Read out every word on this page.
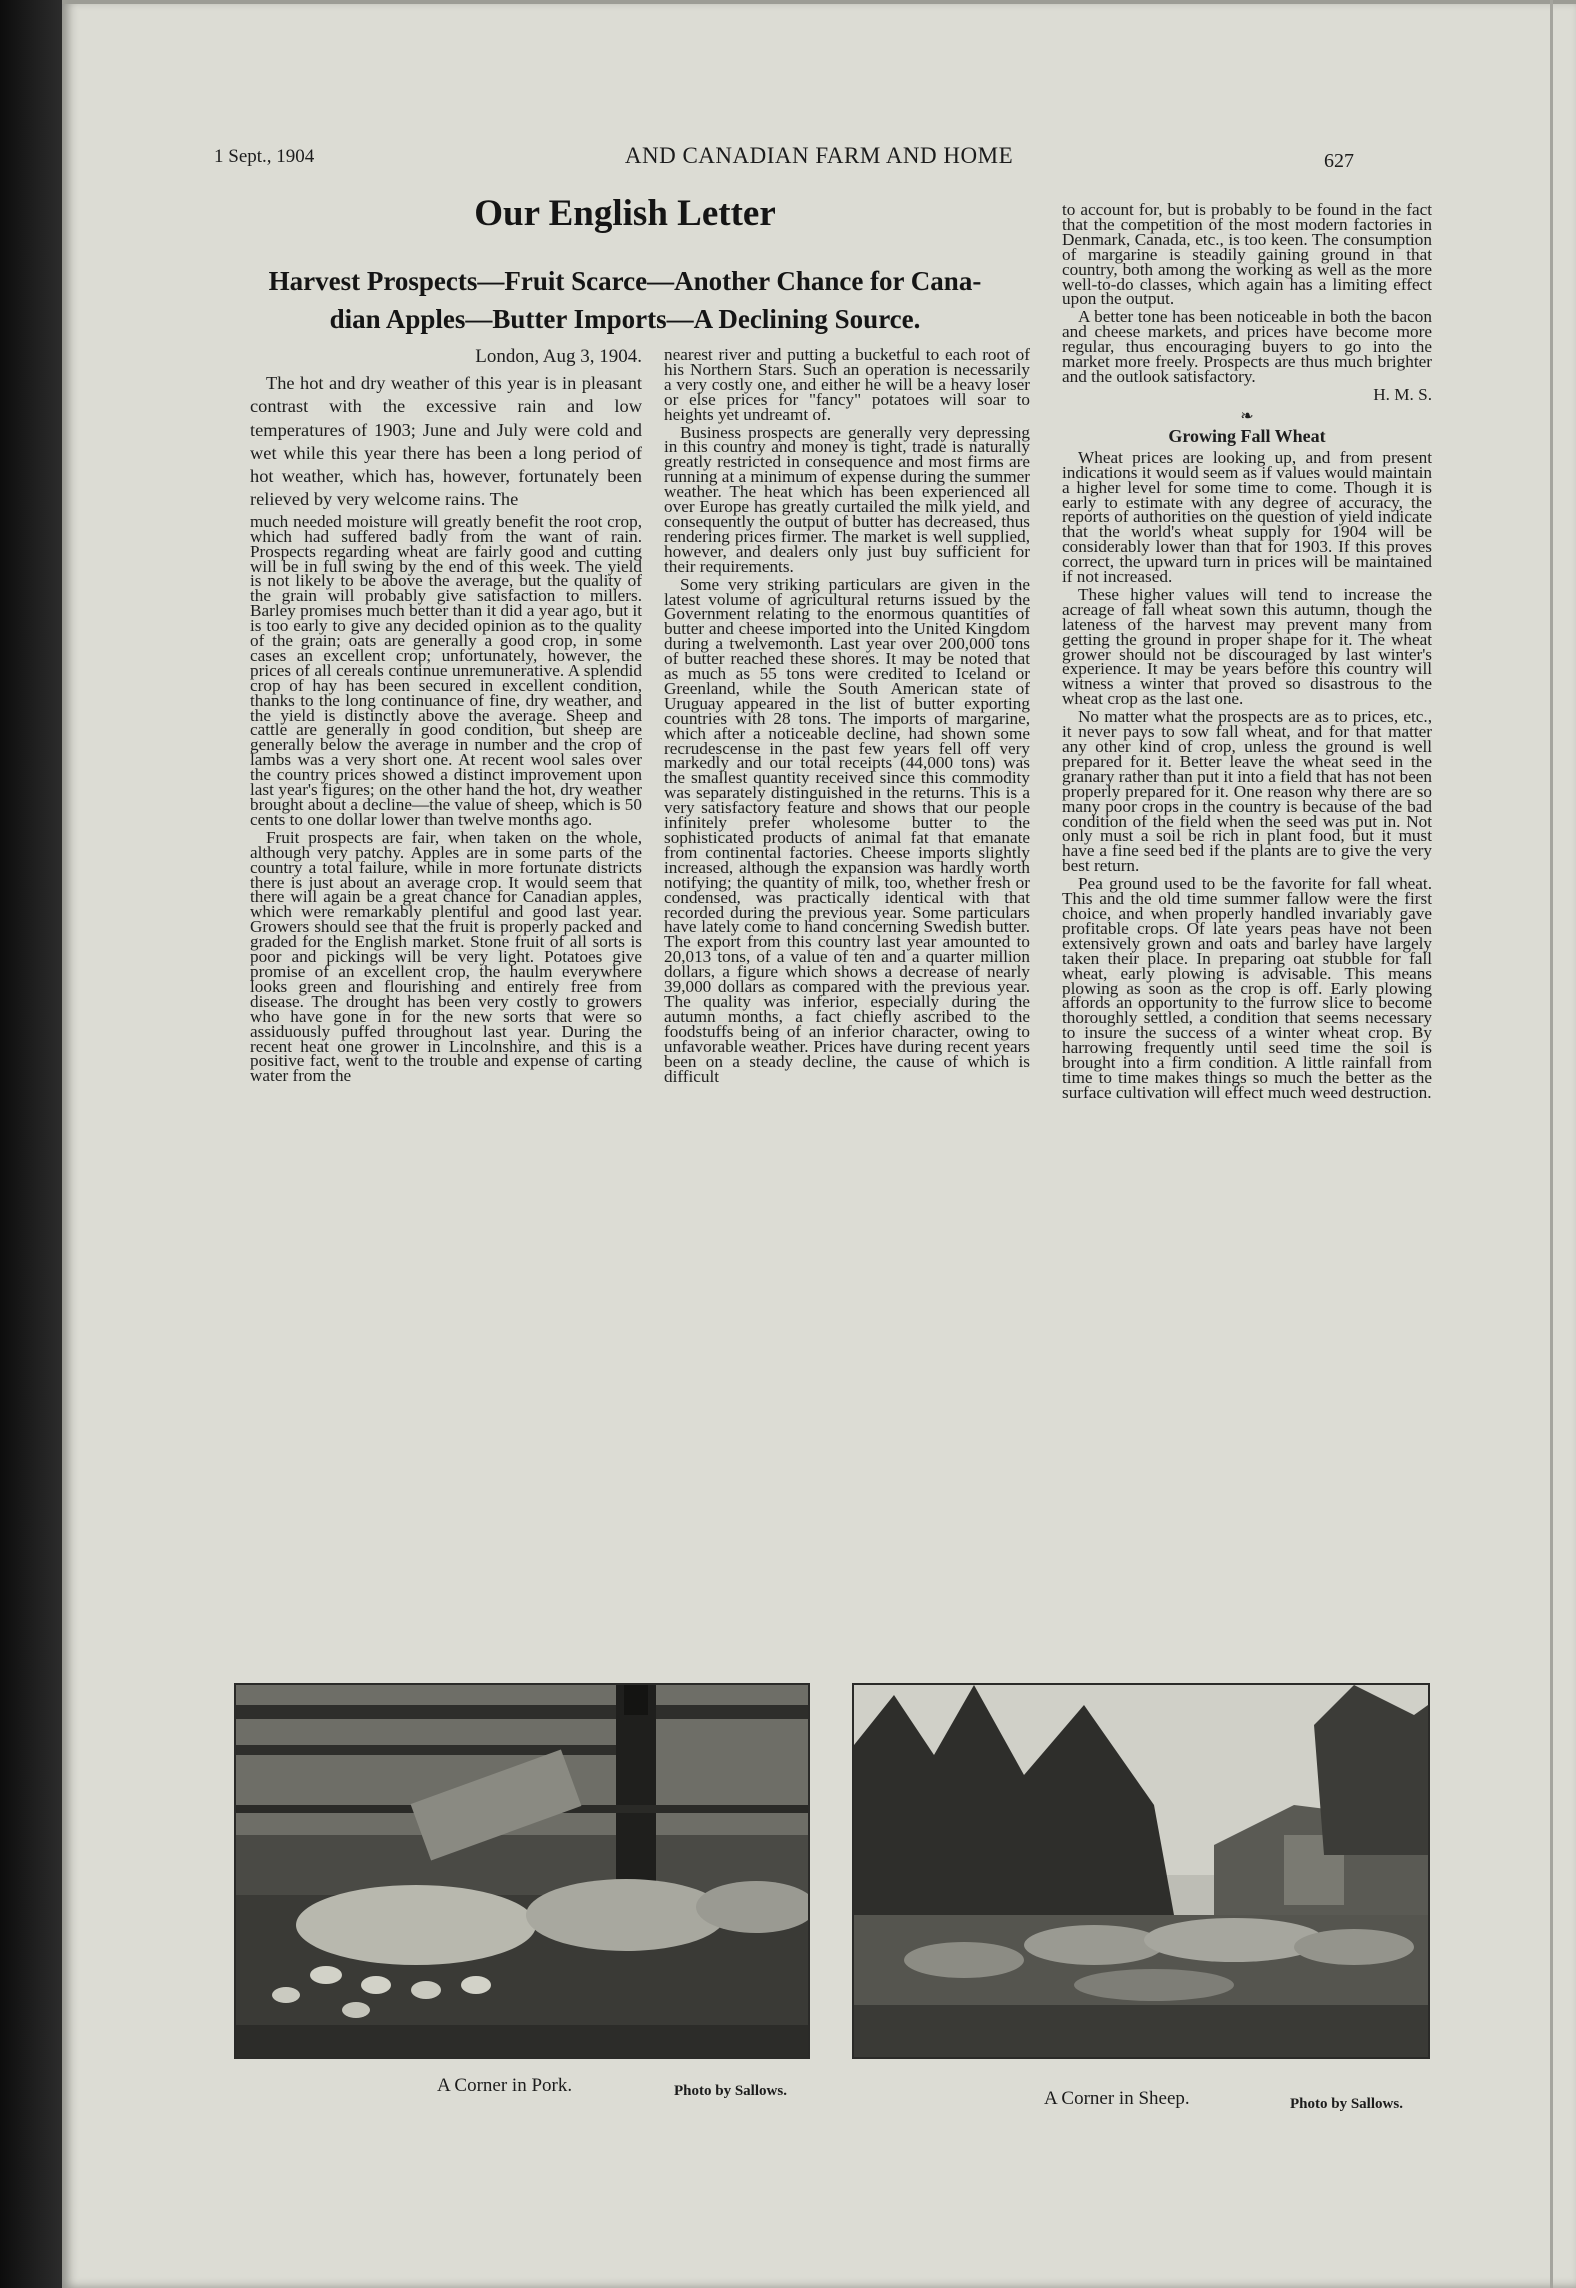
1 Sept., 1904	AND CANADIAN FARM AND HOME	627
Our English Letter
Harvest Prospects—Fruit Scarce—Another Chance for Cana-
dian Apples—Butter Imports—A Declining Source.
London, Aug 3, 1904.

The hot and dry weather of this year is in pleasant contrast with the excessive rain and low temperatures of 1903; June and July were cold and wet while this year there has been a long period of hot weather, which has, however, fortunately been relieved by very welcome rains. The

much needed moisture will greatly benefit the root crop, which had suffered badly from the want of rain. Prospects regarding wheat are fairly good and cutting will be in full swing by the end of this week. The yield is not likely to be above the average, but the quality of the grain will probably give satisfaction to millers. Barley promises much better than it did a year ago, but it is too early to give any decided opinion as to the quality of the grain; oats are generally a good crop, in some cases an excellent crop; unfortunately, however, the prices of all cereals continue unremunerative. A splendid crop of hay has been secured in excellent condition, thanks to the long continuance of fine, dry weather, and the yield is distinctly above the average. Sheep and cattle are generally in good condition, but sheep are generally below the average in number and the crop of lambs was a very short one. At recent wool sales over the country prices showed a distinct improvement upon last year's figures; on the other hand the hot, dry weather brought about a decline—the value of sheep, which is 50 cents to one dollar lower than twelve months ago.

Fruit prospects are fair, when taken on the whole, although very patchy. Apples are in some parts of the country a total failure, while in more fortunate districts there is just about an average crop. It would seem that there will again be a great chance for Canadian apples, which were remarkably plentiful and good last year. Growers should see that the fruit is properly packed and graded for the English market. Stone fruit of all sorts is poor and pickings will be very light. Potatoes give promise of an excellent crop, the haulm everywhere looks green and flourishing and entirely free from disease. The drought has been very costly to growers who have gone in for the new sorts that were so assiduously puffed throughout last year. During the recent heat one grower in Lincolnshire, and this is a positive fact, went to the trouble and expense of carting water from the

nearest river and putting a bucketful to each root of his Northern Stars. Such an operation is necessarily a very costly one, and either he will be a heavy loser or else prices for "fancy" potatoes will soar to heights yet undreamt of.

Business prospects are generally very depressing in this country and money is tight, trade is naturally greatly restricted in consequence and most firms are running at a minimum of expense during the summer weather. The heat which has been experienced all over Europe has greatly curtailed the milk yield, and consequently the output of butter has decreased, thus rendering prices firmer. The market is well supplied, however, and dealers only just buy sufficient for their requirements.

Some very striking particulars are given in the latest volume of agricultural returns issued by the Government relating to the enormous quantities of butter and cheese imported into the United Kingdom during a twelvemonth. Last year over 200,000 tons of butter reached these shores. It may be noted that as much as 55 tons were credited to Iceland or Greenland, while the South American state of Uruguay appeared in the list of butter exporting countries with 28 tons. The imports of margarine, which after a noticeable decline, had shown some recrudescense in the past few years fell off very markedly and our total receipts (44,000 tons) was the smallest quantity received since this commodity was separately distinguished in the returns. This is a very satisfactory feature and shows that our people infinitely prefer wholesome butter to the sophisticated products of animal fat that emanate from continental factories. Cheese imports slightly increased, although the expansion was hardly worth notifying; the quantity of milk, too, whether fresh or condensed, was practically identical with that recorded during the previous year. Some particulars have lately come to hand concerning Swedish butter. The export from this country last year amounted to 20,013 tons, of a value of ten and a quarter million dollars, a figure which shows a decrease of nearly 39,000 dollars as compared with the previous year. The quality was inferior, especially during the autumn months, a fact chiefly ascribed to the foodstuffs being of an inferior character, owing to unfavorable weather. Prices have during recent years been on a steady decline, the cause of which is difficult

to account for, but is probably to be found in the fact that the competition of the most modern factories in Denmark, Canada, etc., is too keen. The consumption of margarine is steadily gaining ground in that country, both among the working as well as the more well-to-do classes, which again has a limiting effect upon the output.

A better tone has been noticeable in both the bacon and cheese markets, and prices have become more regular, thus encouraging buyers to go into the market more freely. Prospects are thus much brighter and the outlook satisfactory.

H. M. S.
❧
Growing Fall Wheat

Wheat prices are looking up, and from present indications it would seem as if values would maintain a higher level for some time to come. Though it is early to estimate with any degree of accuracy, the reports of authorities on the question of yield indicate that the world's wheat supply for 1904 will be considerably lower than that for 1903. If this proves correct, the upward turn in prices will be maintained if not increased.

These higher values will tend to increase the acreage of fall wheat sown this autumn, though the lateness of the harvest may prevent many from getting the ground in proper shape for it. The wheat grower should not be discouraged by last winter's experience. It may be years before this country will witness a winter that proved so disastrous to the wheat crop as the last one.

No matter what the prospects are as to prices, etc., it never pays to sow fall wheat, and for that matter any other kind of crop, unless the ground is well prepared for it. Better leave the wheat seed in the granary rather than put it into a field that has not been properly prepared for it. One reason why there are so many poor crops in the country is because of the bad condition of the field when the seed was put in. Not only must a soil be rich in plant food, but it must have a fine seed bed if the plants are to give the very best return.

Pea ground used to be the favorite for fall wheat. This and the old time summer fallow were the first choice, and when properly handled invariably gave profitable crops. Of late years peas have not been extensively grown and oats and barley have largely taken their place. In preparing oat stubble for fall wheat, early plowing is advisable. This means plowing as soon as the crop is off. Early plowing affords an opportunity to the furrow slice to become thoroughly settled, a condition that seems necessary to insure the success of a winter wheat crop. By harrowing frequently until seed time the soil is brought into a firm condition. A little rainfall from time to time makes things so much the better as the surface cultivation will effect much weed destruction.

A Corner in Pork.	Photo by Sallows.	A Corner in Sheep.	Photo by Sallows.
